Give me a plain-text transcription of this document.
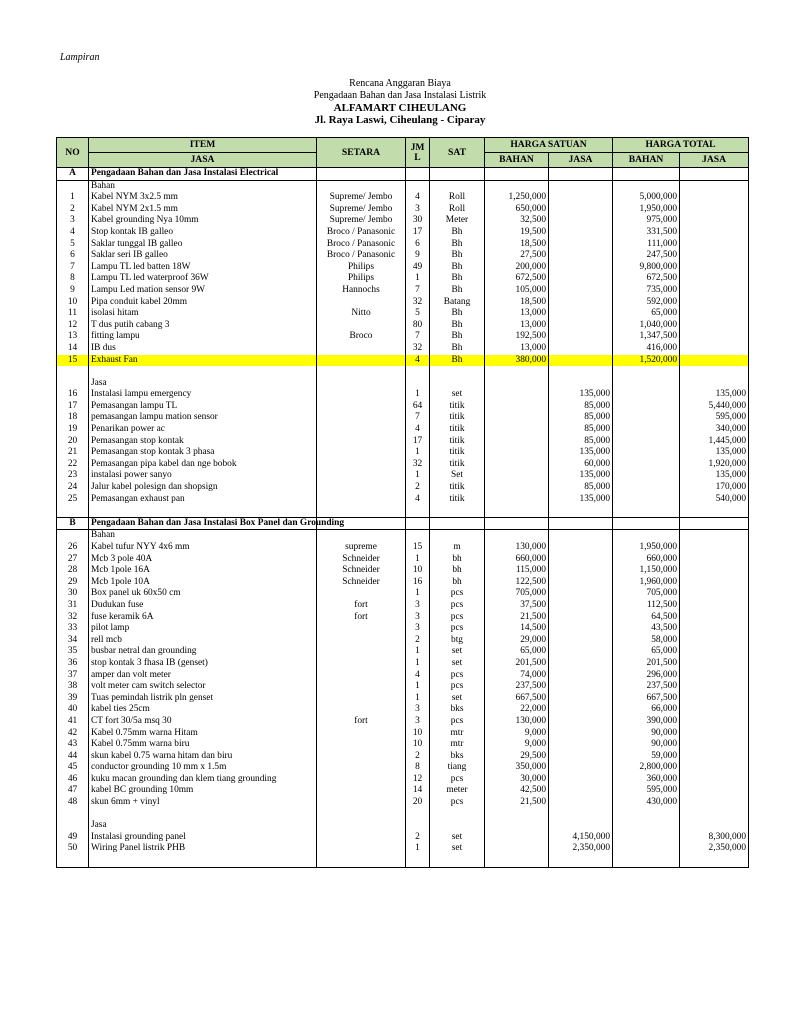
Lampiran
Rencana Anggaran Biaya
Pengadaan Bahan dan Jasa Instalasi Listrik
ALFAMART CIHEULANG
Jl. Raya Laswi, Ciheulang - Ciparay
NO	ITEM	SETARA	JM L	SAT	HARGA SATUAN		HARGA TOTAL	
	JASA				BAHAN	JASA	BAHAN	JASA
A	Pengadaan Bahan dan Jasa Instalasi Electrical							
	Bahan							
1	Kabel NYM 3x2.5 mm	Supreme/ Jembo	4	Roll	1,250,000		5,000,000	
2	Kabel NYM 2x1.5 mm	Supreme/ Jembo	3	Roll	650,000		1,950,000	
3	Kabel grounding Nya 10mm	Supreme/ Jembo	30	Meter	32,500		975,000	
4	Stop kontak IB galleo	Broco / Panasonic	17	Bh	19,500		331,500	
5	Saklar tunggal IB galleo	Broco / Panasonic	6	Bh	18,500		111,000	
6	Saklar seri IB galleo	Broco / Panasonic	9	Bh	27,500		247,500	
7	Lampu TL led batten 18W	Philips	49	Bh	200,000		9,800,000	
8	Lampu TL led waterproof 36W	Philips	1	Bh	672,500		672,500	
9	Lampu Led mation sensor 9W	Hannochs	7	Bh	105,000		735,000	
10	Pipa conduit kabel 20mm		32	Batang	18,500		592,000	
11	isolasi hitam	Nitto	5	Bh	13,000		65,000	
12	T dus putih cabang 3		80	Bh	13,000		1,040,000	
13	fitting lampu	Broco	7	Bh	192,500		1,347,500	
14	IB dus		32	Bh	13,000		416,000	
15	Exhaust Fan		4	Bh	380,000		1,520,000	

	Jasa							
16	Instalasi lampu emergency		1	set		135,000		135,000
17	Pemasangan lampu TL		64	titik		85,000		5,440,000
18	pemasangan lampu mation sensor		7	titik		85,000		595,000
19	Penarikan power ac		4	titik		85,000		340,000
20	Pemasangan stop kontak		17	titik		85,000		1,445,000
21	Pemasangan stop kontak 3 phasa		1	titik		135,000		135,000
22	Pemasangan pipa kabel dan nge bobok		32	titik		60,000		1,920,000
23	instalasi power sanyo		1	Set		135,000		135,000
24	Jalur kabel polesign dan shopsign		2	titik		85,000		170,000
25	Pemasangan exhaust pan		4	titik		135,000		540,000

B	Pengadaan Bahan dan Jasa Instalasi Box Panel dan Grounding							
	Bahan							
26	Kabel tufur NYY 4x6 mm	supreme	15	m	130,000		1,950,000	
27	Mcb 3 pole 40A	Schneider	1	bh	660,000		660,000	
28	Mcb 1pole 16A	Schneider	10	bh	115,000		1,150,000	
29	Mcb 1pole 10A	Schneider	16	bh	122,500		1,960,000	
30	Box panel uk 60x50 cm		1	pcs	705,000		705,000	
31	Dudukan fuse	fort	3	pcs	37,500		112,500	
32	fuse keramik 6A	fort	3	pcs	21,500		64,500	
33	pilot lamp		3	pcs	14,500		43,500	
34	rell mcb		2	btg	29,000		58,000	
35	busbar netral dan grounding		1	set	65,000		65,000	
36	stop kontak 3 fhasa IB (genset)		1	set	201,500		201,500	
37	amper dan volt meter		4	pcs	74,000		296,000	
38	volt meter cam switch selector		1	pcs	237,500		237,500	
39	Tuas pemindah listrik pln genset		1	set	667,500		667,500	
40	kabel ties 25cm		3	bks	22,000		66,000	
41	CT fort 30/5a msq 30	fort	3	pcs	130,000		390,000	
42	Kabel 0.75mm warna Hitam		10	mtr	9,000		90,000	
43	Kabel 0.75mm warna biru		10	mtr	9,000		90,000	
44	skun kabel 0.75 warna hitam dan biru		2	bks	29,500		59,000	
45	conductor grounding 10 mm x 1.5m		8	tiang	350,000		2,800,000	
46	kuku macan grounding dan klem tiang grounding		12	pcs	30,000		360,000	
47	kabel BC grounding 10mm		14	meter	42,500		595,000	
48	skun 6mm + vinyl		20	pcs	21,500		430,000	

	Jasa							
49	Instalasi grounding panel		2	set		4,150,000		8,300,000
50	Wiring Panel listrik PHB		1	set		2,350,000		2,350,000
